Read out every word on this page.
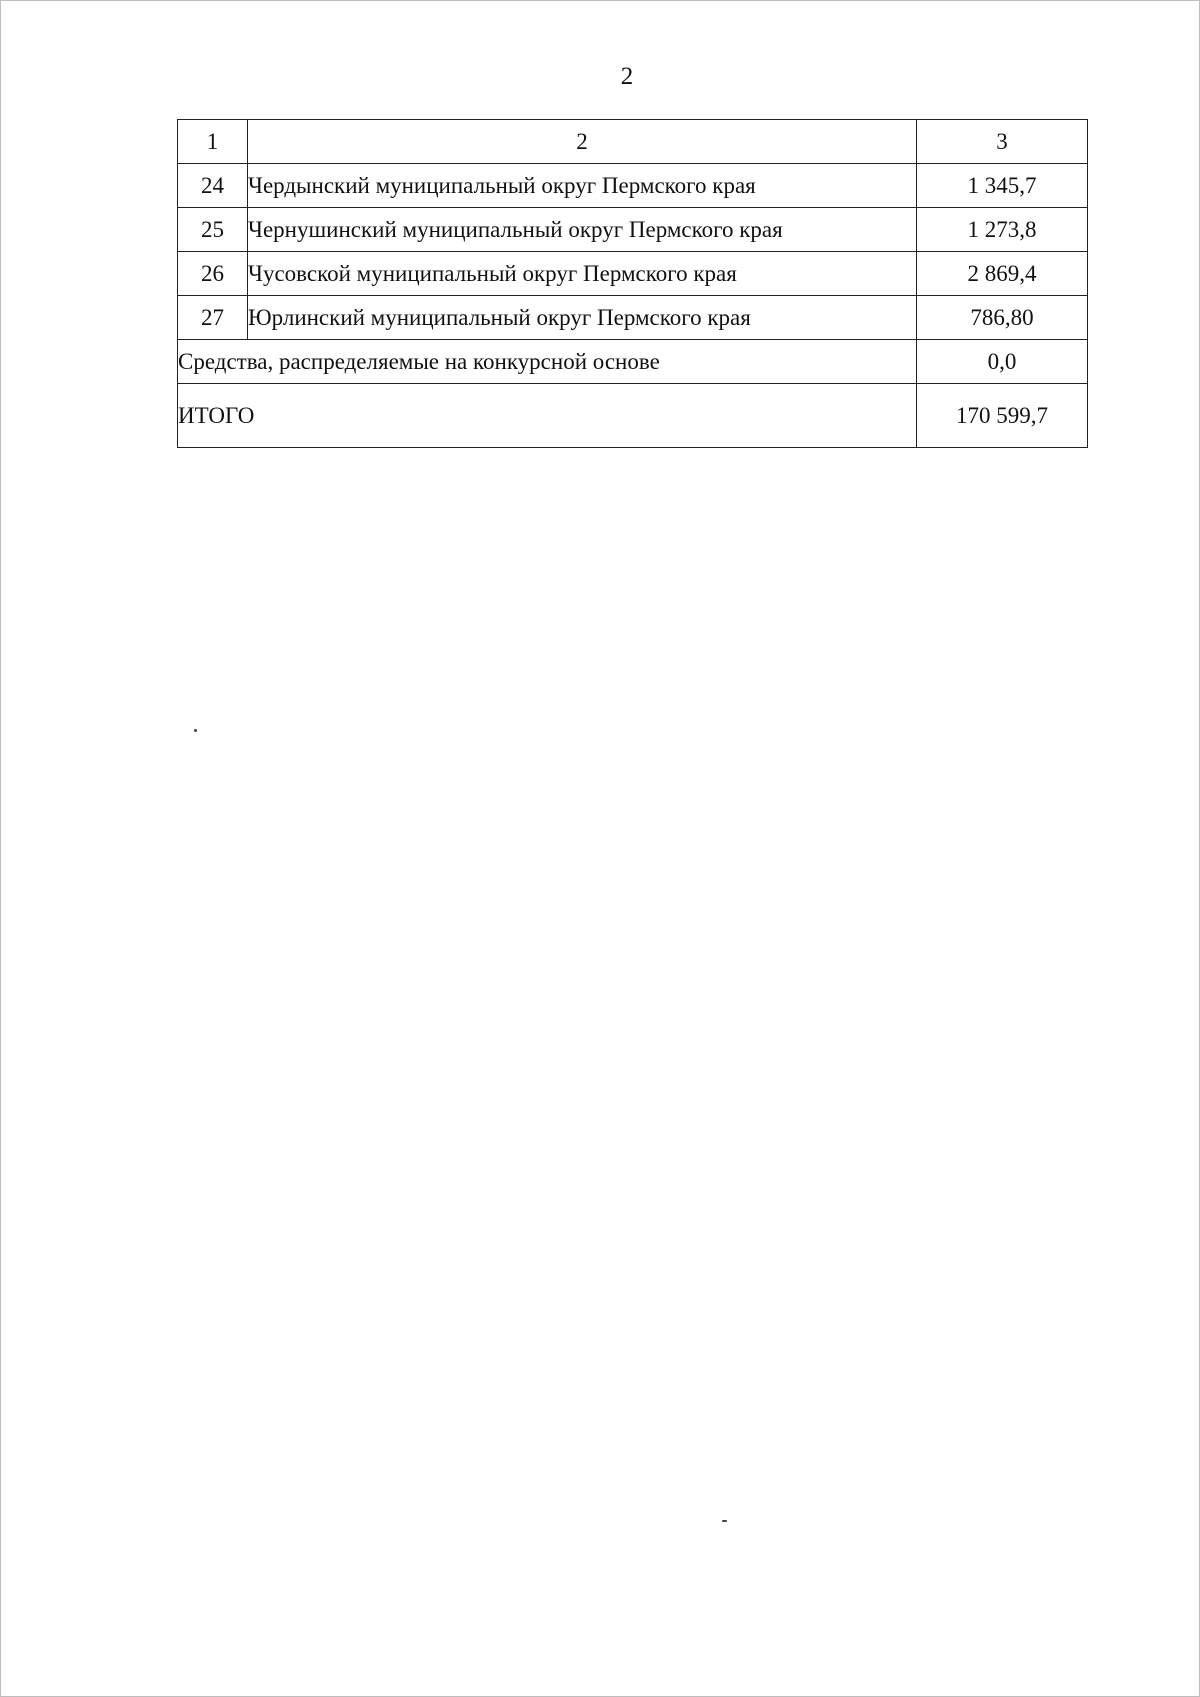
2
1	2	3
24	Чердынский муниципальный округ Пермского края	1 345,7
25	Чернушинский муниципальный округ Пермского края	1 273,8
26	Чусовской муниципальный округ Пермского края	2 869,4
27	Юрлинский муниципальный округ Пермского края	786,80
Средства, распределяемые на конкурсной основе		0,0
ИТОГО		170 599,7
